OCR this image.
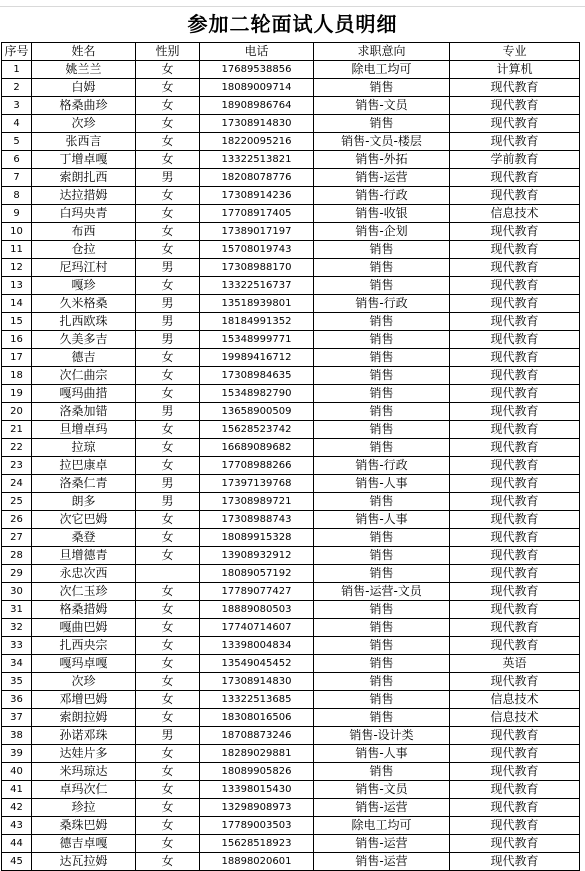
参加二轮面试人员明细
序号	姓名	性别	电话	求职意向	专业
1	姚兰兰	女	17689538856	除电工均可	计算机
2	白姆	女	18089009714	销售	现代教育
3	格桑曲珍	女	18908986764	销售-文员	现代教育
4	次珍	女	17308914830	销售	现代教育
5	张西言	女	18220095216	销售-文员-楼层	现代教育
6	丁增卓嘎	女	13322513821	销售-外拓	学前教育
7	索朗扎西	男	18208078776	销售-运营	现代教育
8	达拉措姆	女	17308914236	销售-行政	现代教育
9	白玛央青	女	17708917405	销售-收银	信息技术
10	布西	女	17389017197	销售-企划	现代教育
11	仓拉	女	15708019743	销售	现代教育
12	尼玛江村	男	17308988170	销售	现代教育
13	嘎珍	女	13322516737	销售	现代教育
14	久米格桑	男	13518939801	销售-行政	现代教育
15	扎西欧珠	男	18184991352	销售	现代教育
16	久美多吉	男	15348999771	销售	现代教育
17	德吉	女	19989416712	销售	现代教育
18	次仁曲宗	女	17308984635	销售	现代教育
19	嘎玛曲措	女	15348982790	销售	现代教育
20	洛桑加错	男	13658900509	销售	现代教育
21	旦增卓玛	女	15628523742	销售	现代教育
22	拉琼	女	16689089682	销售	现代教育
23	拉巴康卓	女	17708988266	销售-行政	现代教育
24	洛桑仁青	男	17397139768	销售-人事	现代教育
25	朗多	男	17308989721	销售	现代教育
26	次它巴姆	女	17308988743	销售-人事	现代教育
27	桑登	女	18089915328	销售	现代教育
28	旦增德青	女	13908932912	销售	现代教育
29	永忠次西		18089057192	销售	现代教育
30	次仁玉珍	女	17789077427	销售-运营-文员	现代教育
31	格桑措姆	女	18889080503	销售	现代教育
32	嘎曲巴姆	女	17740714607	销售	现代教育
33	扎西央宗	女	13398004834	销售	现代教育
34	嘎玛卓嘎	女	13549045452	销售	英语
35	次珍	女	17308914830	销售	现代教育
36	邓增巴姆	女	13322513685	销售	信息技术
37	索朗拉姆	女	18308016506	销售	信息技术
38	孙诺邓珠	男	18708873246	销售-设计类	现代教育
39	达娃片多	女	18289029881	销售-人事	现代教育
40	米玛琼达	女	18089905826	销售	现代教育
41	卓玛次仁	女	13398015430	销售-文员	现代教育
42	珍拉	女	13298908973	销售-运营	现代教育
43	桑珠巴姆	女	17789003503	除电工均可	现代教育
44	德吉卓嘎	女	15628518923	销售-运营	现代教育
45	达瓦拉姆	女	18898020601	销售-运营	现代教育
